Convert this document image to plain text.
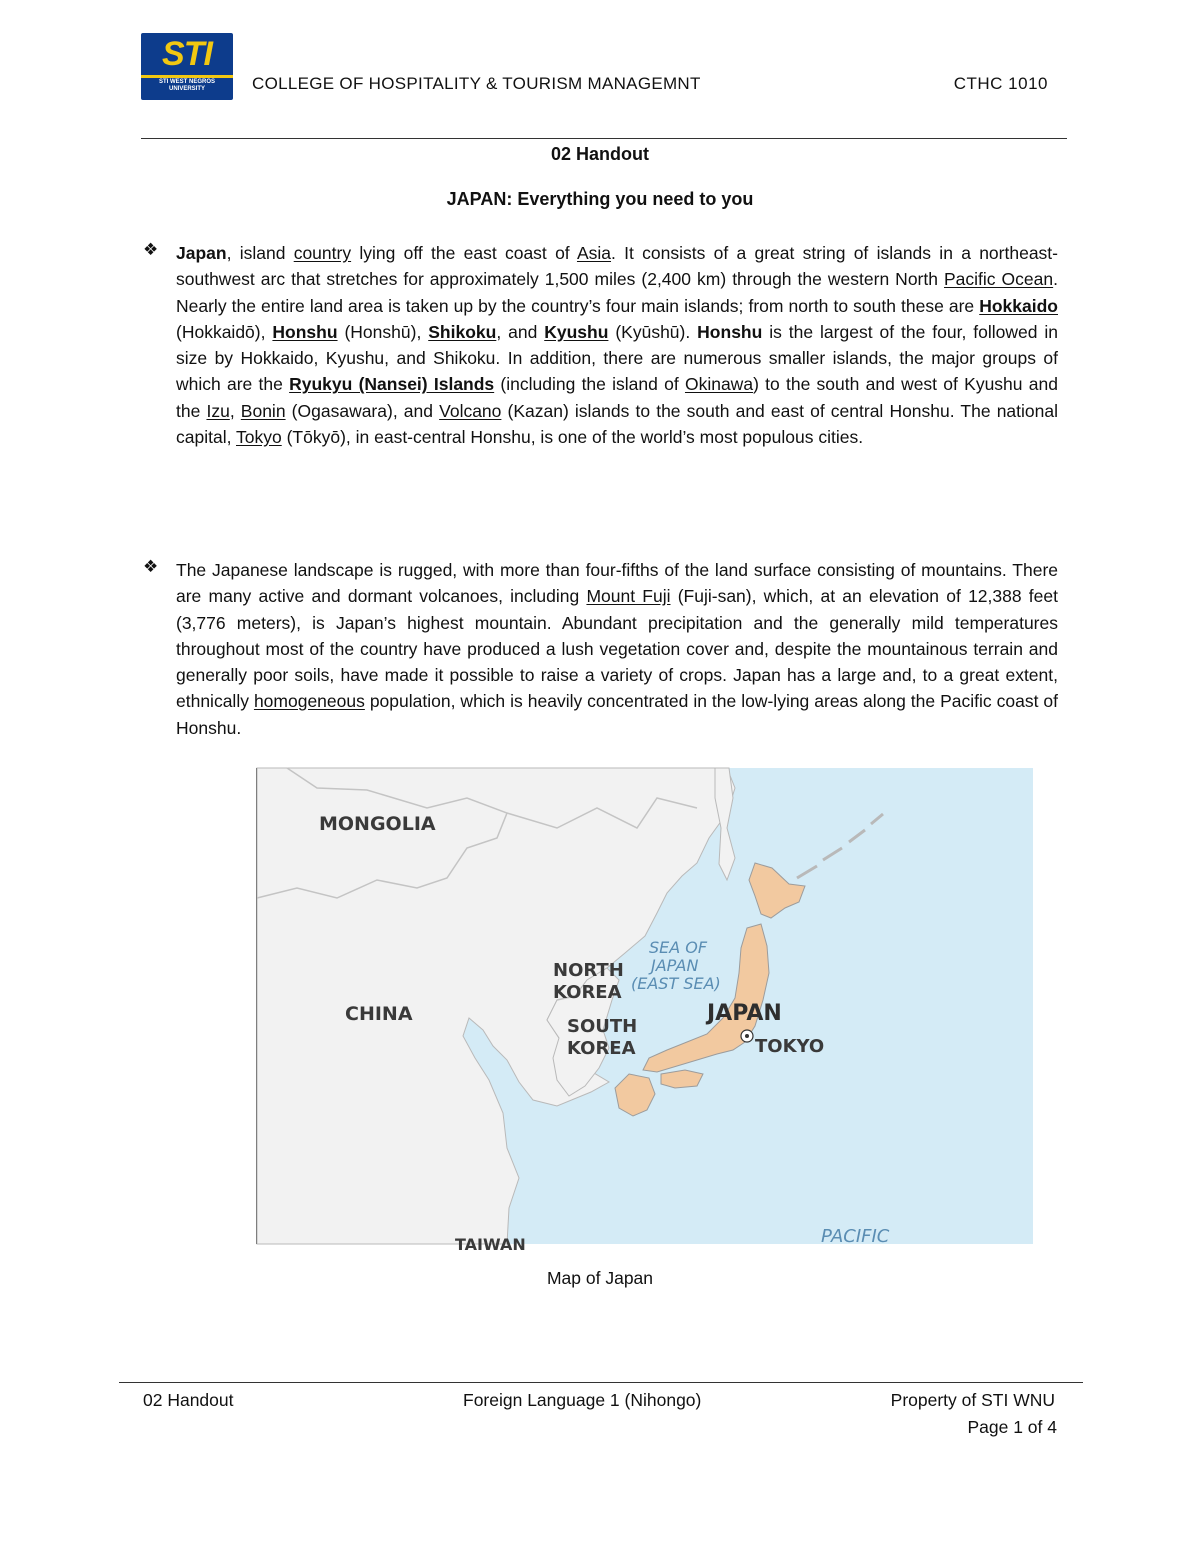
STI
STI WEST NEGROS UNIVERSITY	COLLEGE OF HOSPITALITY & TOURISM MANAGEMNT	CTHC 1010
02 Handout
JAPAN: Everything you need to you
❖ Japan, island country lying off the east coast of Asia. It consists of a great string of islands in a northeast-southwest arc that stretches for approximately 1,500 miles (2,400 km) through the western North Pacific Ocean. Nearly the entire land area is taken up by the country’s four main islands; from north to south these are Hokkaido (Hokkaidō), Honshu (Honshū), Shikoku, and Kyushu (Kyūshū). Honshu is the largest of the four, followed in size by Hokkaido, Kyushu, and Shikoku. In addition, there are numerous smaller islands, the major groups of which are the Ryukyu (Nansei) Islands (including the island of Okinawa) to the south and west of Kyushu and the Izu, Bonin (Ogasawara), and Volcano (Kazan) islands to the south and east of central Honshu. The national capital, Tokyo (Tōkyō), in east-central Honshu, is one of the world’s most populous cities.
❖ The Japanese landscape is rugged, with more than four-fifths of the land surface consisting of mountains. There are many active and dormant volcanoes, including Mount Fuji (Fuji-san), which, at an elevation of 12,388 feet (3,776 meters), is Japan’s highest mountain. Abundant precipitation and the generally mild temperatures throughout most of the country have produced a lush vegetation cover and, despite the mountainous terrain and generally poor soils, have made it possible to raise a variety of crops. Japan has a large and, to a great extent, ethnically homogeneous population, which is heavily concentrated in the low-lying areas along the Pacific coast of Honshu.
MONGOLIA
CHINA
NORTH
KOREA
SOUTH
KOREA
SEA OF
JAPAN
(EAST SEA)
JAPAN
TOKYO
PACIFIC
TAIWAN
Map of Japan
02 Handout	Foreign Language 1 (Nihongo)	Property of STI WNU
Page 1 of 4
